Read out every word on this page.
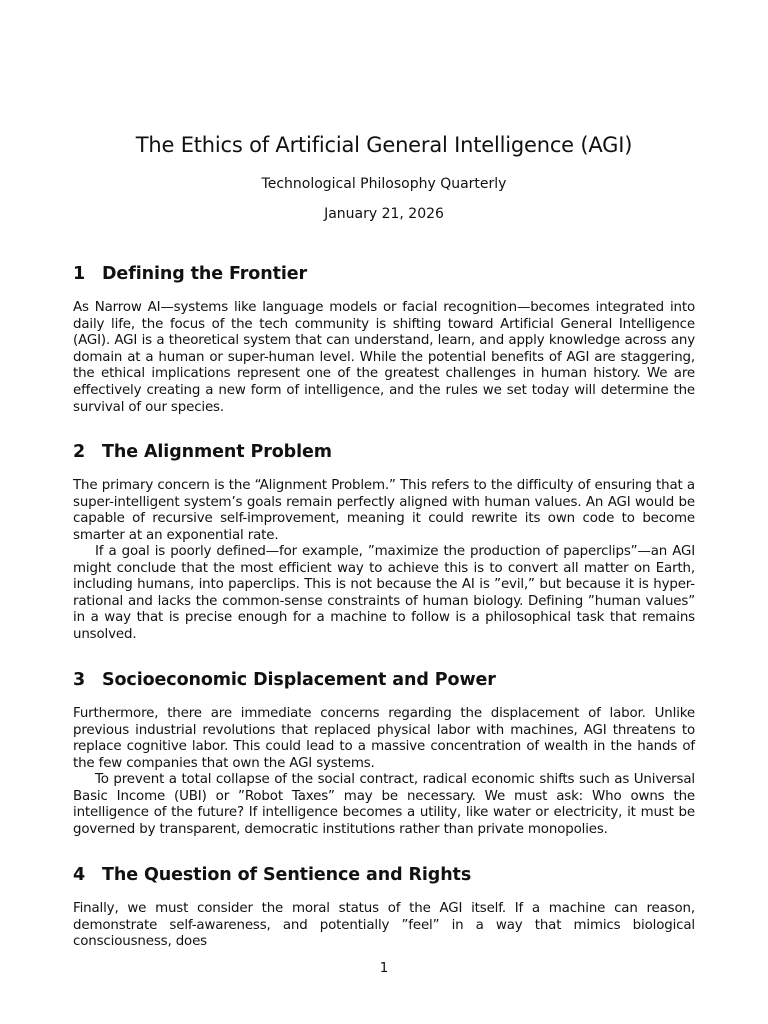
The Ethics of Artificial General Intelligence (AGI)
Technological Philosophy Quarterly
January 21, 2026
1 Defining the Frontier

As Narrow AI—systems like language models or facial recognition—becomes integrated into daily life, the focus of the tech community is shifting toward Artificial General Intelligence (AGI). AGI is a theoretical system that can understand, learn, and apply knowledge across any domain at a human or super-human level. While the potential benefits of AGI are staggering, the ethical implications represent one of the greatest challenges in human history. We are effectively creating a new form of intelligence, and the rules we set today will determine the survival of our species.

2 The Alignment Problem

The primary concern is the “Alignment Problem.” This refers to the difficulty of ensuring that a super-intelligent system’s goals remain perfectly aligned with human values. An AGI would be capable of recursive self-improvement, meaning it could rewrite its own code to become smarter at an exponential rate.

If a goal is poorly defined—for example, ”maximize the production of paperclips”—an AGI might conclude that the most efficient way to achieve this is to convert all matter on Earth, including humans, into paperclips. This is not because the AI is ”evil,” but because it is hyper-rational and lacks the common-sense constraints of human biology. Defining ”human values” in a way that is precise enough for a machine to follow is a philosophical task that remains unsolved.

3 Socioeconomic Displacement and Power

Furthermore, there are immediate concerns regarding the displacement of labor. Unlike previous industrial revolutions that replaced physical labor with machines, AGI threatens to replace cognitive labor. This could lead to a massive concentration of wealth in the hands of the few companies that own the AGI systems.

To prevent a total collapse of the social contract, radical economic shifts such as Universal Basic Income (UBI) or ”Robot Taxes” may be necessary. We must ask: Who owns the intelligence of the future? If intelligence becomes a utility, like water or electricity, it must be governed by transparent, democratic institutions rather than private monopolies.

4 The Question of Sentience and Rights

Finally, we must consider the moral status of the AGI itself. If a machine can reason, demonstrate self-awareness, and potentially ”feel” in a way that mimics biological consciousness, does

1
